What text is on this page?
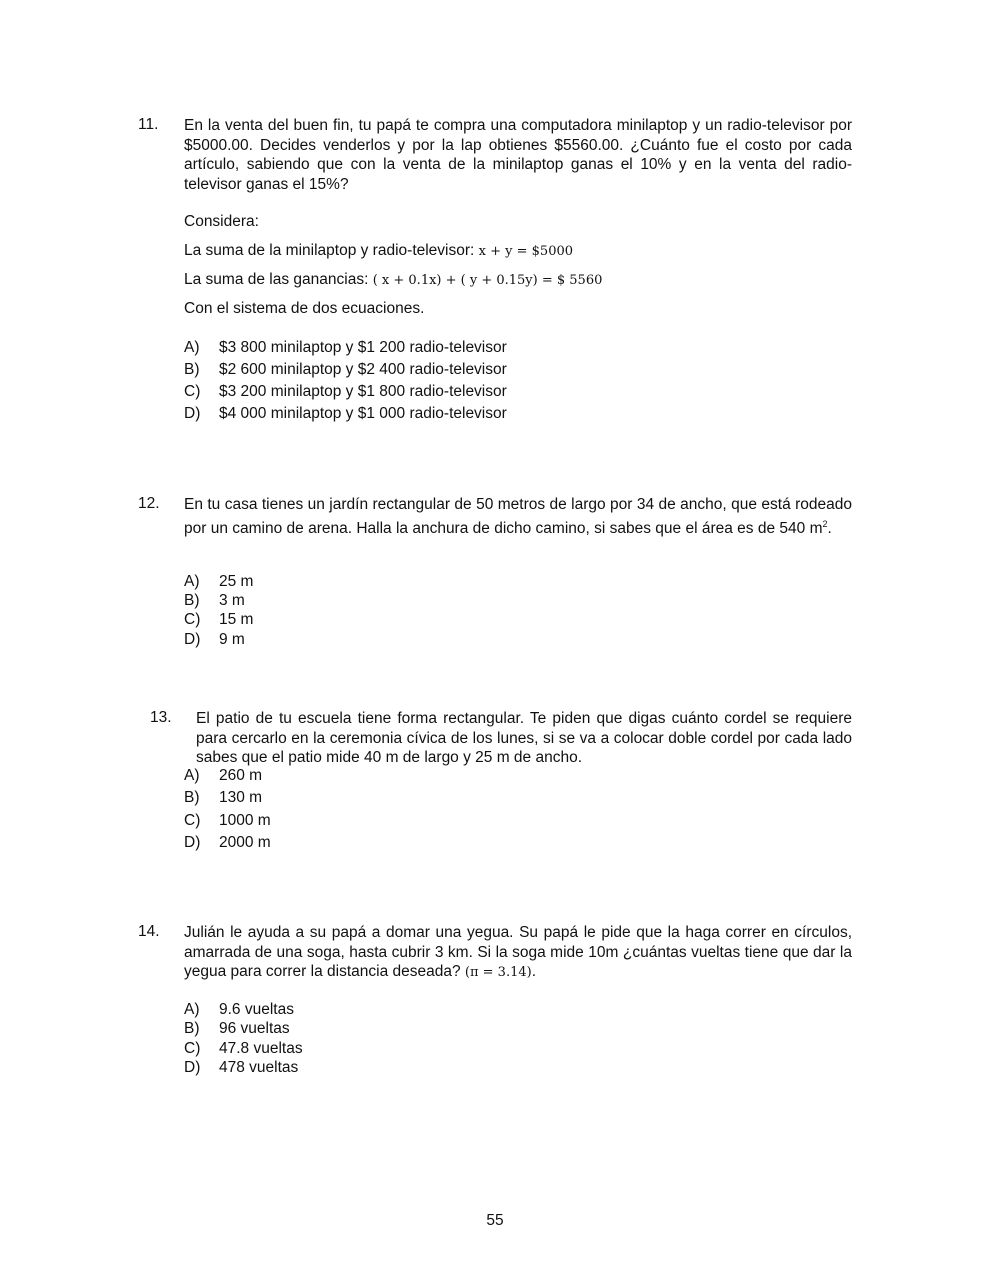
11. En la venta del buen fin, tu papá te compra una computadora minilaptop y un radio-televisor por $5000.00. Decides venderlos y por la lap obtienes $5560.00. ¿Cuánto fue el costo por cada artículo, sabiendo que con la venta de la minilaptop ganas el 10% y en la venta del radio-televisor ganas el 15%?
Considera:
La suma de la minilaptop y radio-televisor: x + y = $5000
La suma de las ganancias: ( x + 0.1x) + ( y + 0.15y) = $ 5560
Con el sistema de dos ecuaciones.
A) $3 800 minilaptop y $1 200 radio-televisor
B) $2 600 minilaptop y $2 400 radio-televisor
C) $3 200 minilaptop y $1 800 radio-televisor
D) $4 000 minilaptop y $1 000 radio-televisor
12. En tu casa tienes un jardín rectangular de 50 metros de largo por 34 de ancho, que está rodeado por un camino de arena. Halla la anchura de dicho camino, si sabes que el área es de 540 $m^2$.
A) 25 m
B) 3 m
C) 15 m
D) 9 m
13. El patio de tu escuela tiene forma rectangular. Te piden que digas cuánto cordel se requiere para cercarlo en la ceremonia cívica de los lunes, si se va a colocar doble cordel por cada lado sabes que el patio mide 40 m de largo y 25 m de ancho.
A) 260 m
B) 130 m
C) 1000 m
D) 2000 m
14. Julián le ayuda a su papá a domar una yegua. Su papá le pide que la haga correr en círculos, amarrada de una soga, hasta cubrir 3 km. Si la soga mide 10m ¿cuántas vueltas tiene que dar la yegua para correr la distancia deseada? (π = 3.14).
A) 9.6 vueltas
B) 96 vueltas
C) 47.8 vueltas
D) 478 vueltas
55
